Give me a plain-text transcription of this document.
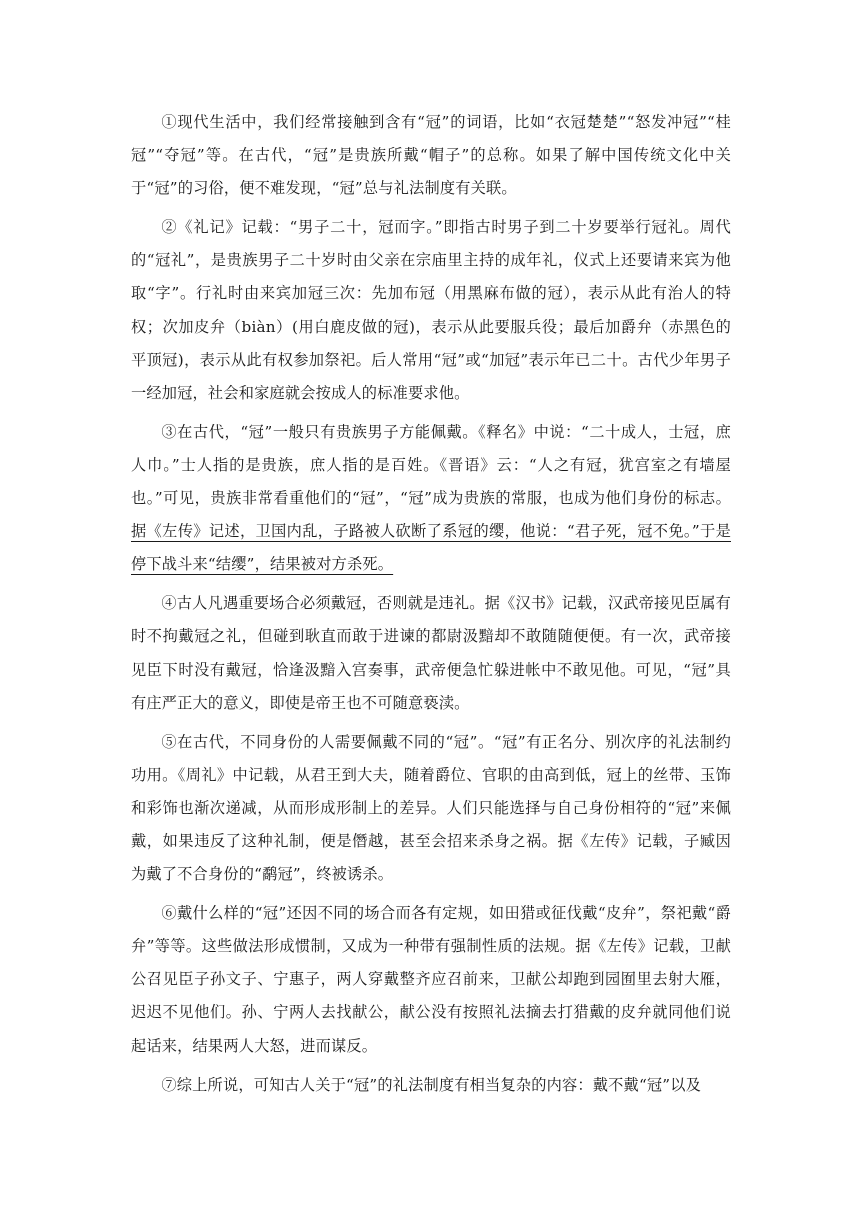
①现代生活中，我们经常接触到含有“冠”的词语，比如“衣冠楚楚”“怒发冲冠”“桂冠”“夺冠”等。在古代，“冠”是贵族所戴“帽子”的总称。如果了解中国传统文化中关于“冠”的习俗，便不难发现，“冠”总与礼法制度有关联。

②《礼记》记载：“男子二十，冠而字。”即指古时男子到二十岁要举行冠礼。周代的“冠礼”，是贵族男子二十岁时由父亲在宗庙里主持的成年礼，仪式上还要请来宾为他取“字”。行礼时由来宾加冠三次：先加布冠（用黑麻布做的冠），表示从此有治人的特权；次加皮弁（biàn）(用白鹿皮做的冠)，表示从此要服兵役；最后加爵弁（赤黑色的平顶冠)，表示从此有权参加祭祀。后人常用“冠”或“加冠”表示年已二十。古代少年男子一经加冠，社会和家庭就会按成人的标准要求他。

③在古代，“冠”一般只有贵族男子方能佩戴。《释名》中说：“二十成人，士冠，庶人巾。”士人指的是贵族，庶人指的是百姓。《晋语》云：“人之有冠，犹宫室之有墙屋也。”可见，贵族非常看重他们的“冠”，“冠”成为贵族的常服，也成为他们身份的标志。据《左传》记述，卫国内乱，子路被人砍断了系冠的缨，他说：“君子死，冠不免。”于是停下战斗来“结缨”，结果被对方杀死。

④古人凡遇重要场合必须戴冠，否则就是违礼。据《汉书》记载，汉武帝接见臣属有时不拘戴冠之礼，但碰到耿直而敢于进谏的都尉汲黯却不敢随随便便。有一次，武帝接见臣下时没有戴冠，恰逢汲黯入宫奏事，武帝便急忙躲进帐中不敢见他。可见，“冠”具有庄严正大的意义，即使是帝王也不可随意亵渎。

⑤在古代，不同身份的人需要佩戴不同的“冠”。“冠”有正名分、别次序的礼法制约功用。《周礼》中记载，从君王到大夫，随着爵位、官职的由高到低，冠上的丝带、玉饰和彩饰也渐次递减，从而形成形制上的差异。人们只能选择与自己身份相符的“冠”来佩戴，如果违反了这种礼制，便是僭越，甚至会招来杀身之祸。据《左传》记载，子臧因为戴了不合身份的“鹬冠”，终被诱杀。

⑥戴什么样的“冠”还因不同的场合而各有定规，如田猎或征伐戴“皮弁”，祭祀戴“爵弁”等等。这些做法形成惯制，又成为一种带有强制性质的法规。据《左传》记载，卫献公召见臣子孙文子、宁惠子，两人穿戴整齐应召前来，卫献公却跑到园囿里去射大雁，迟迟不见他们。孙、宁两人去找献公，献公没有按照礼法摘去打猎戴的皮弁就同他们说起话来，结果两人大怒，进而谋反。

⑦综上所说，可知古人关于“冠”的礼法制度有相当复杂的内容：戴不戴“冠”以及
